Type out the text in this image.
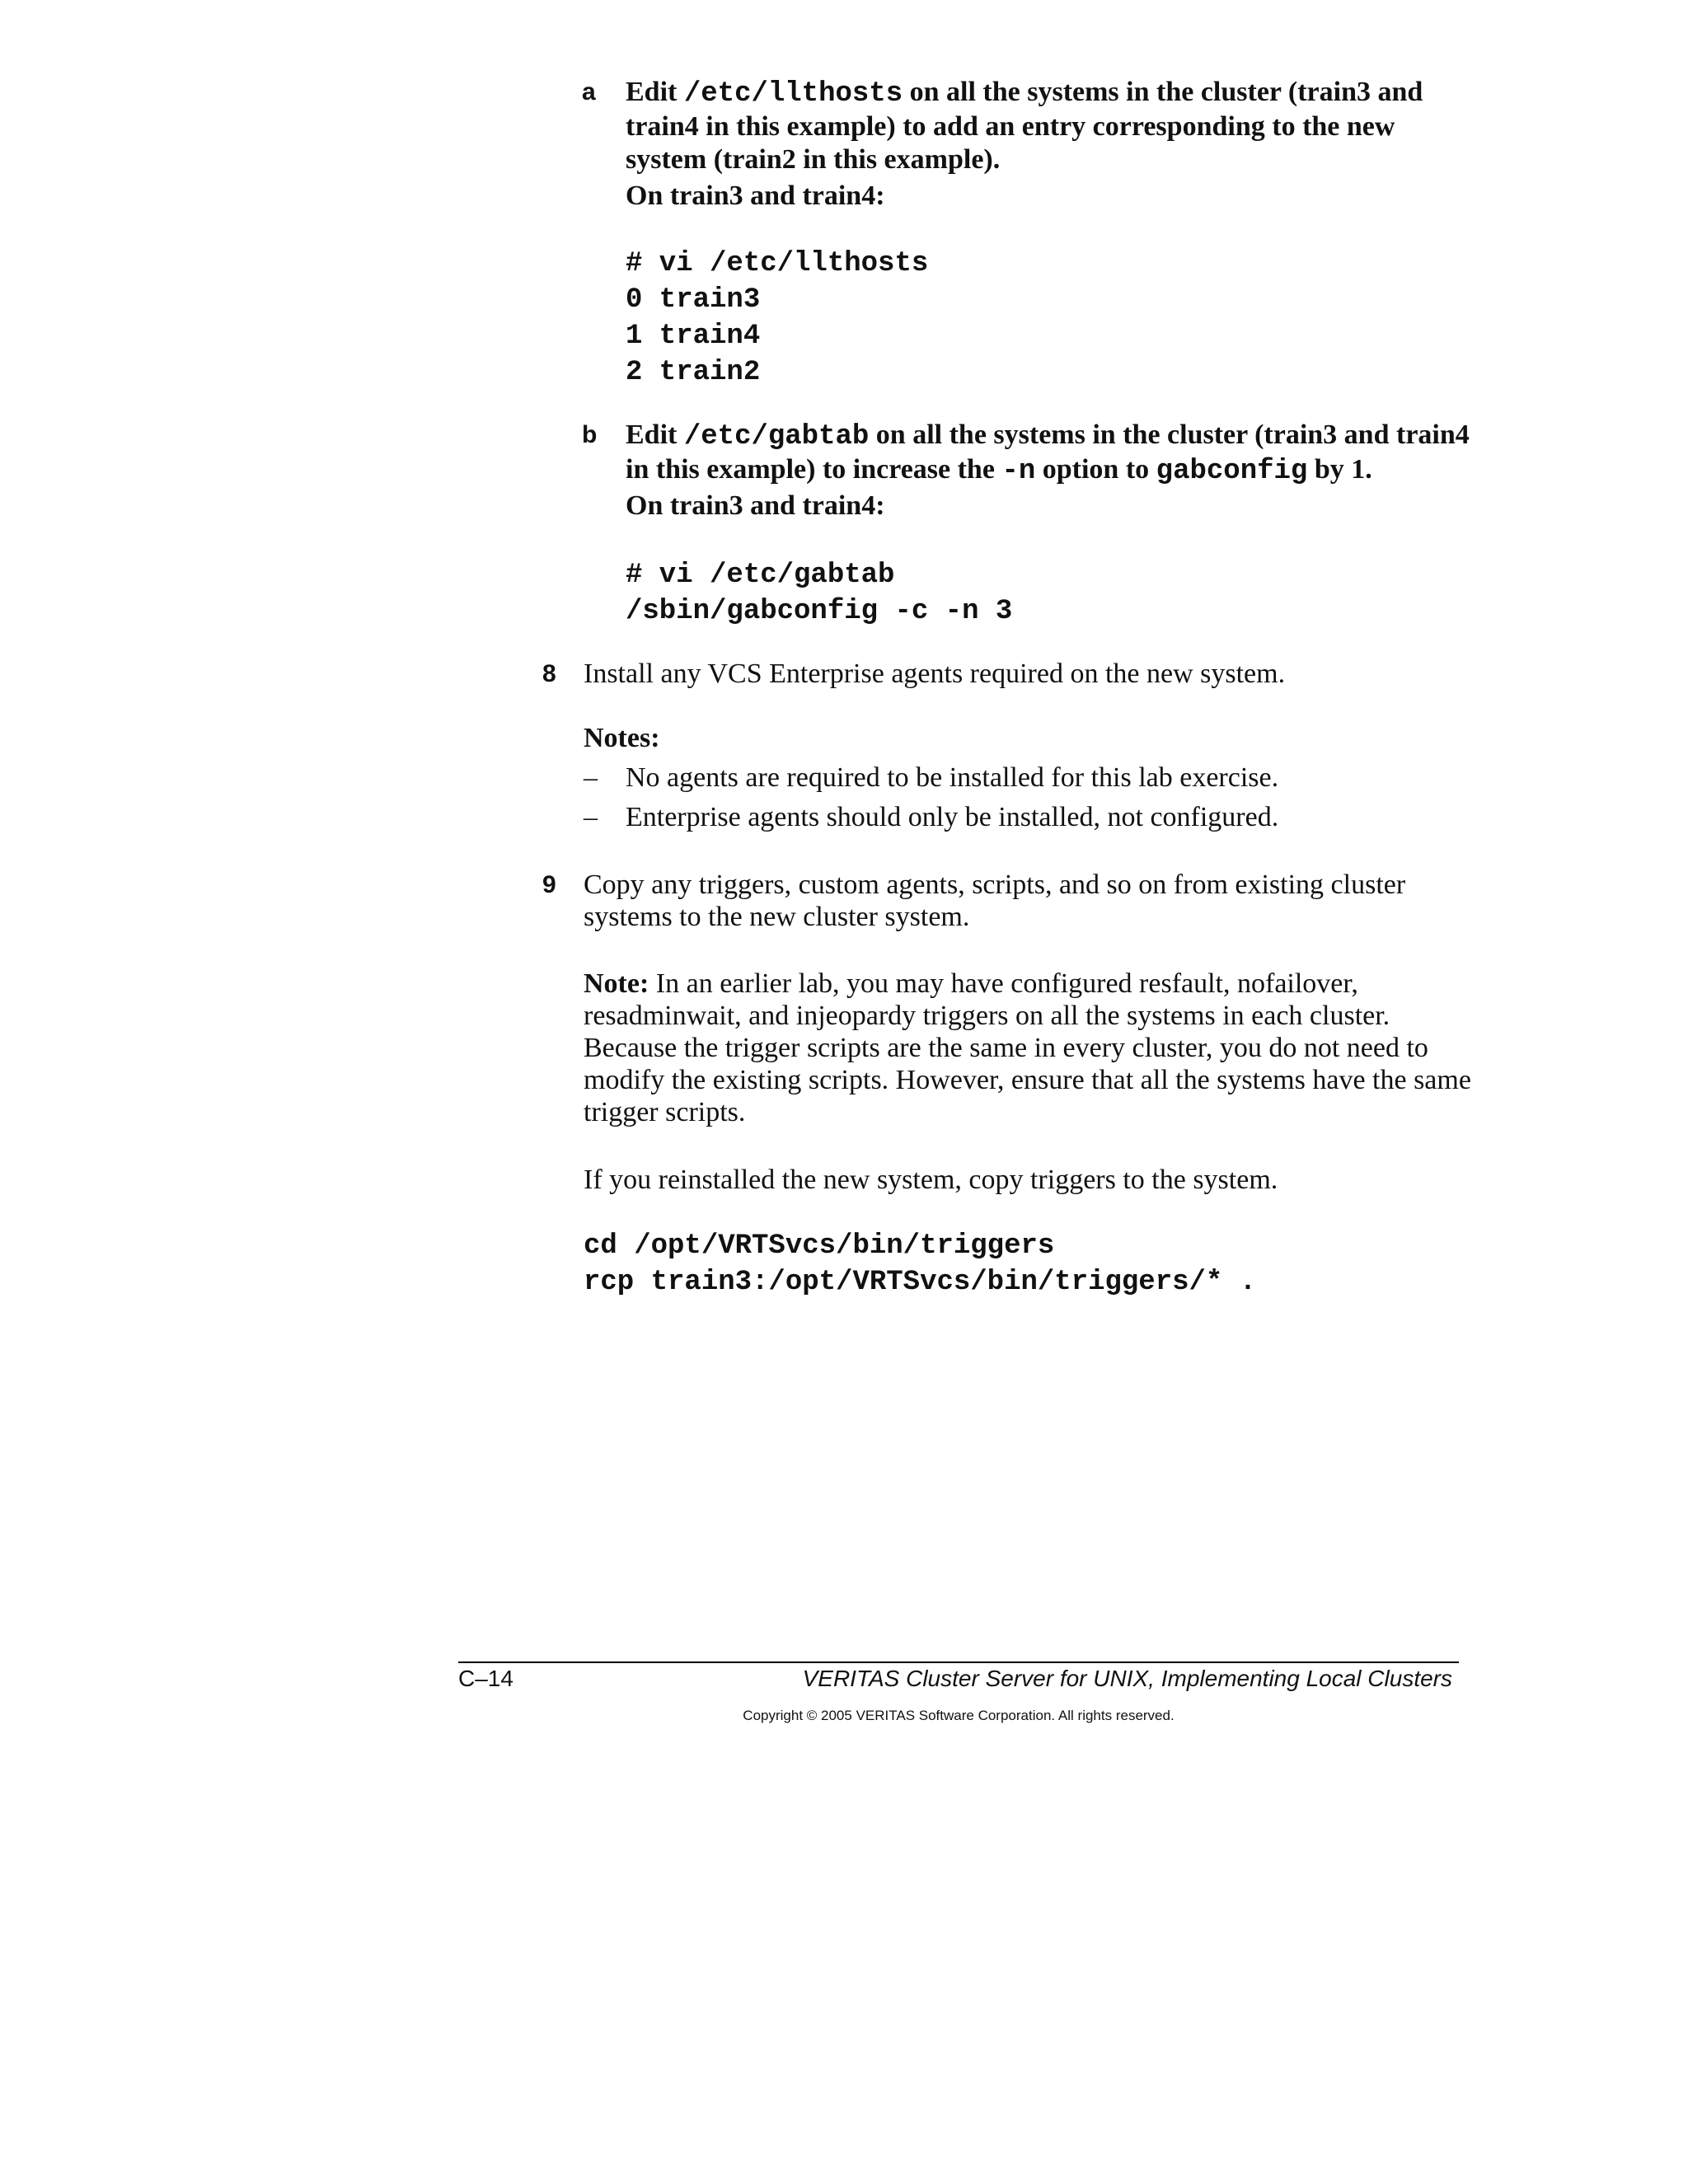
a Edit /etc/llthosts on all the systems in the cluster (train3 and
train4 in this example) to add an entry corresponding to the new
system (train2 in this example).
On train3 and train4:
# vi /etc/llthosts
0 train3
1 train4
2 train2
b Edit /etc/gabtab on all the systems in the cluster (train3 and train4
in this example) to increase the -n option to gabconfig by 1.
On train3 and train4:
# vi /etc/gabtab
/sbin/gabconfig -c -n 3
8 Install any VCS Enterprise agents required on the new system.
Notes:
– No agents are required to be installed for this lab exercise.
– Enterprise agents should only be installed, not configured.
9 Copy any triggers, custom agents, scripts, and so on from existing cluster
systems to the new cluster system.
Note: In an earlier lab, you may have configured resfault, nofailover,
resadminwait, and injeopardy triggers on all the systems in each cluster.
Because the trigger scripts are the same in every cluster, you do not need to
modify the existing scripts. However, ensure that all the systems have the same
trigger scripts.
If you reinstalled the new system, copy triggers to the system.
cd /opt/VRTSvcs/bin/triggers
rcp train3:/opt/VRTSvcs/bin/triggers/* .
C–14	VERITAS Cluster Server for UNIX, Implementing Local Clusters
Copyright © 2005 VERITAS Software Corporation. All rights reserved.
